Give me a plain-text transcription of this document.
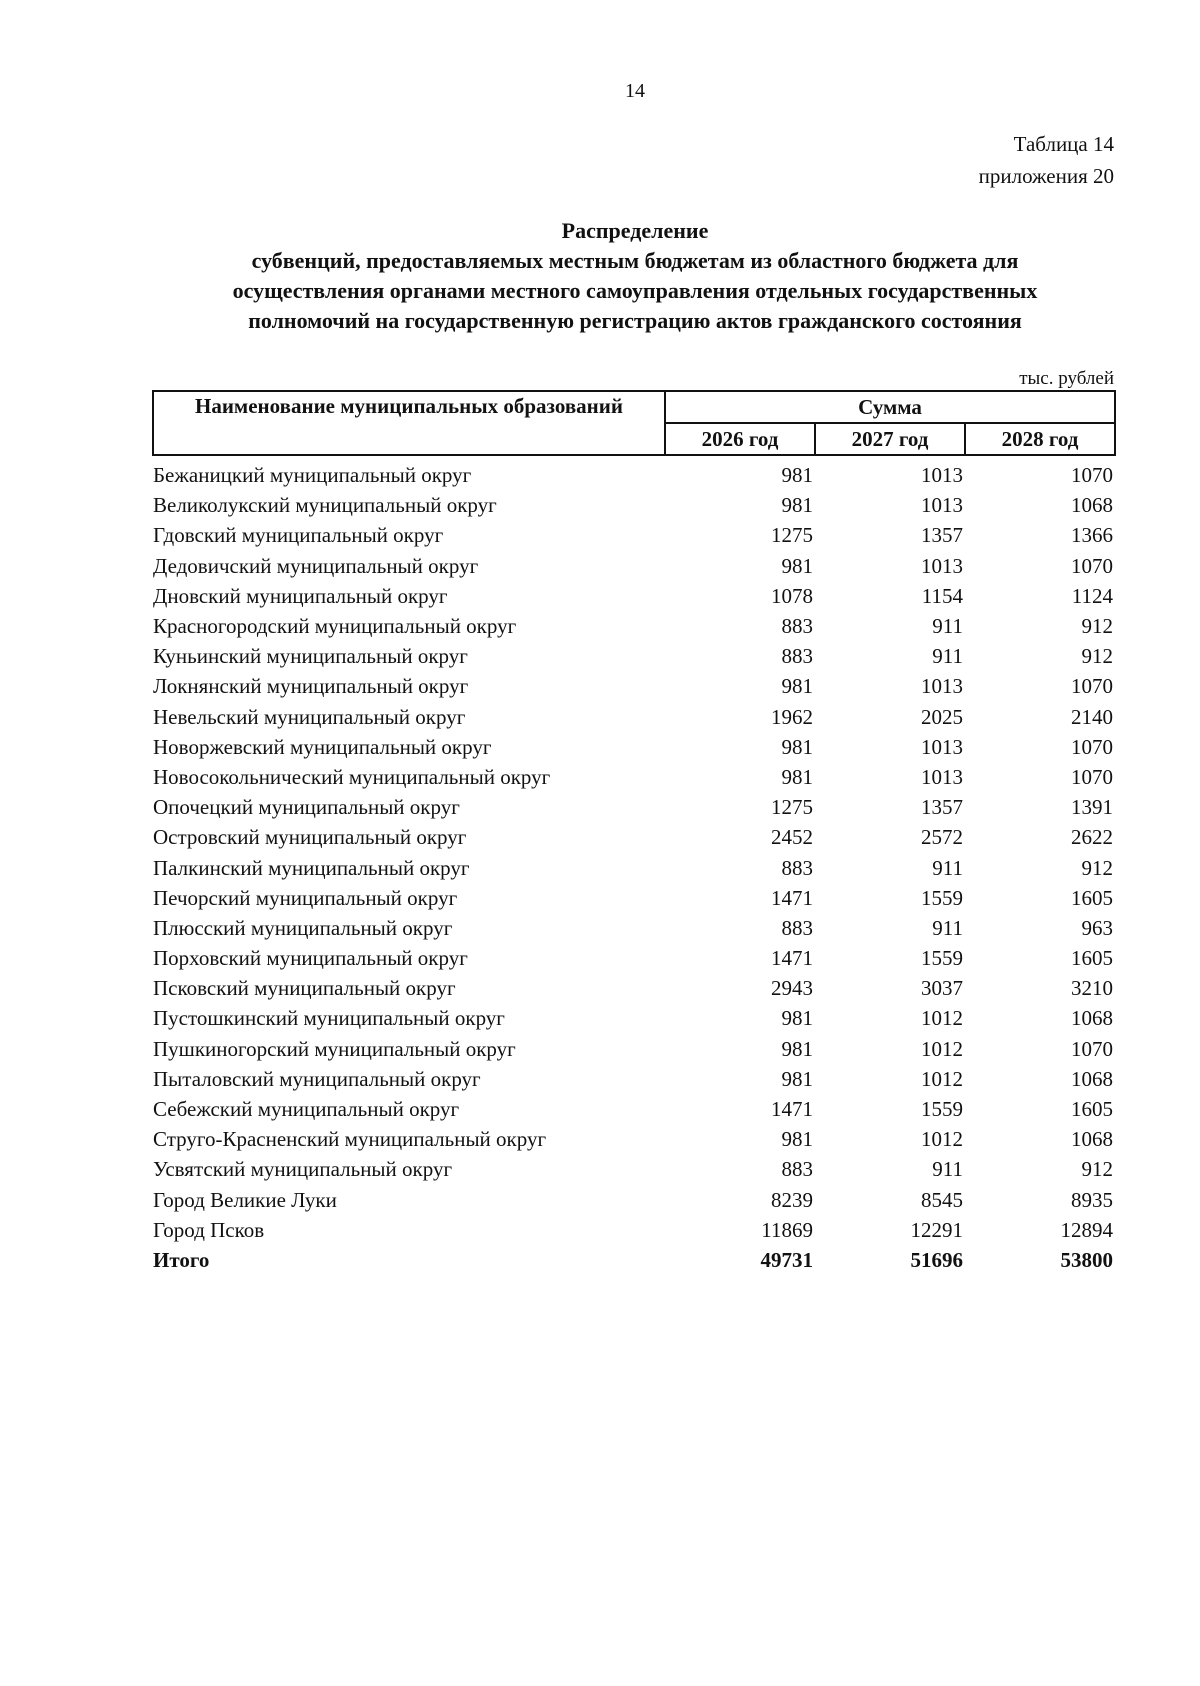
14
Таблица 14
приложения 20
Распределение
субвенций, предоставляемых местным бюджетам из областного бюджета для
осуществления органами местного самоуправления отдельных государственных
полномочий на государственную регистрацию актов гражданского состояния
тыс. рублей
Наименование муниципальных образований	Сумма		
	2026 год	2027 год	2028 год
Бежаницкий муниципальный округ	981	1013	1070
Великолукский муниципальный округ	981	1013	1068
Гдовский муниципальный округ	1275	1357	1366
Дедовичский муниципальный округ	981	1013	1070
Дновский муниципальный округ	1078	1154	1124
Красногородский муниципальный округ	883	911	912
Куньинский муниципальный округ	883	911	912
Локнянский муниципальный округ	981	1013	1070
Невельский муниципальный округ	1962	2025	2140
Новоржевский муниципальный округ	981	1013	1070
Новосокольнический муниципальный округ	981	1013	1070
Опочецкий муниципальный округ	1275	1357	1391
Островский муниципальный округ	2452	2572	2622
Палкинский муниципальный округ	883	911	912
Печорский муниципальный округ	1471	1559	1605
Плюсский муниципальный округ	883	911	963
Порховский муниципальный округ	1471	1559	1605
Псковский муниципальный округ	2943	3037	3210
Пустошкинский муниципальный округ	981	1012	1068
Пушкиногорский муниципальный округ	981	1012	1070
Пыталовский муниципальный округ	981	1012	1068
Себежский муниципальный округ	1471	1559	1605
Струго-Красненский муниципальный округ	981	1012	1068
Усвятский муниципальный округ	883	911	912
Город Великие Луки	8239	8545	8935
Город Псков	11869	12291	12894
Итого	49731	51696	53800
